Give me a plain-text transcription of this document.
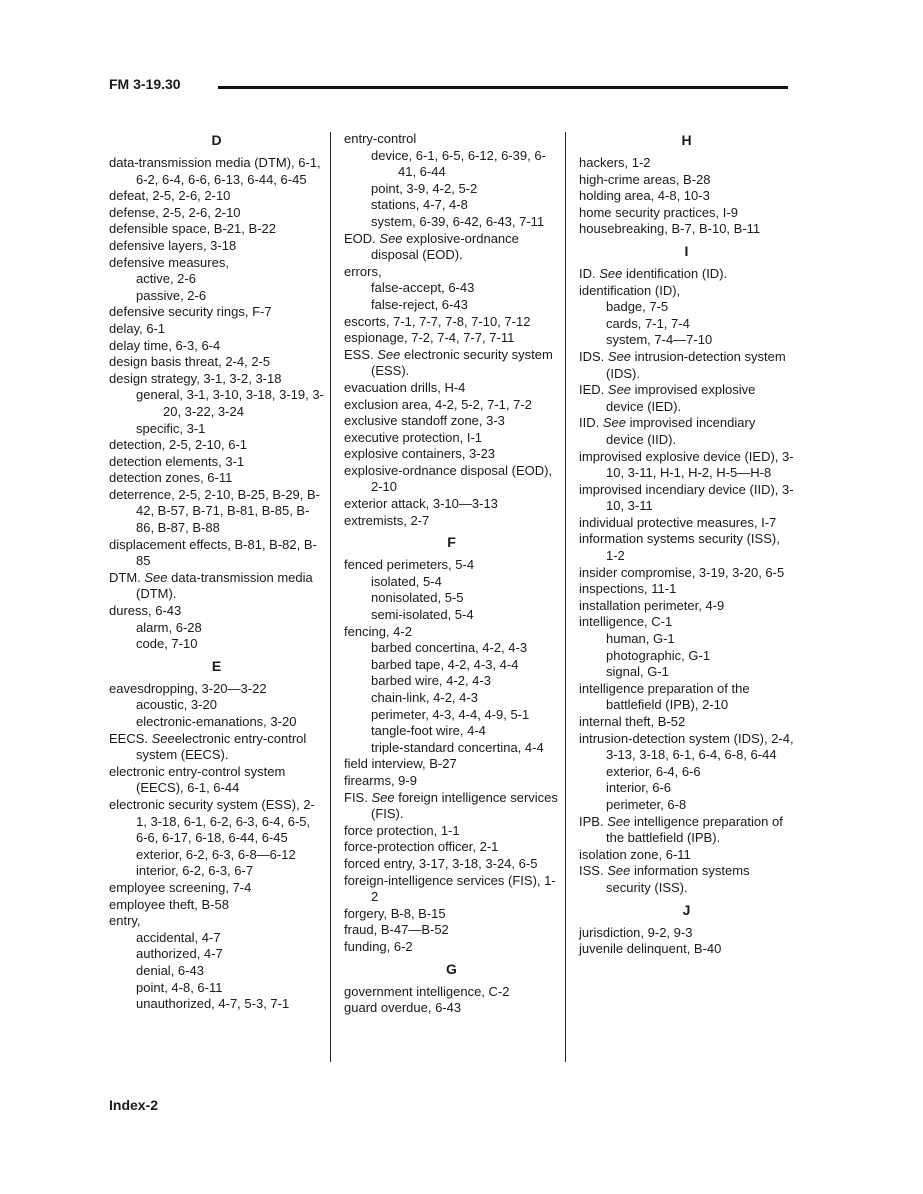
FM 3-19.30
D
data-transmission media (DTM), 6-1, 6-2, 6-4, 6-6, 6-13, 6-44, 6-45
defeat, 2-5, 2-6, 2-10
defense, 2-5, 2-6, 2-10
defensible space, B-21, B-22
defensive layers, 3-18
defensive measures,
active, 2-6
passive, 2-6
defensive security rings, F-7
delay, 6-1
delay time, 6-3, 6-4
design basis threat, 2-4, 2-5
design strategy, 3-1, 3-2, 3-18
general, 3-1, 3-10, 3-18, 3-19, 3-20, 3-22, 3-24
specific, 3-1
detection, 2-5, 2-10, 6-1
detection elements, 3-1
detection zones, 6-11
deterrence, 2-5, 2-10, B-25, B-29, B-42, B-57, B-71, B-81, B-85, B-86, B-87, B-88
displacement effects, B-81, B-82, B-85
DTM. See data-transmission media (DTM).
duress, 6-43
alarm, 6-28
code, 7-10
E
eavesdropping, 3-20—3-22
acoustic, 3-20
electronic-emanations, 3-20
EECS. Seeelectronic entry-control system (EECS).
electronic entry-control system (EECS), 6-1, 6-44
electronic security system (ESS), 2-1, 3-18, 6-1, 6-2, 6-3, 6-4, 6-5, 6-6, 6-17, 6-18, 6-44, 6-45
exterior, 6-2, 6-3, 6-8—6-12
interior, 6-2, 6-3, 6-7
employee screening, 7-4
employee theft, B-58
entry,
accidental, 4-7
authorized, 4-7
denial, 6-43
point, 4-8, 6-11
unauthorized, 4-7, 5-3, 7-1
entry-control
device, 6-1, 6-5, 6-12, 6-39, 6-41, 6-44
point, 3-9, 4-2, 5-2
stations, 4-7, 4-8
system, 6-39, 6-42, 6-43, 7-11
EOD. See explosive-ordnance disposal (EOD).
errors,
false-accept, 6-43
false-reject, 6-43
escorts, 7-1, 7-7, 7-8, 7-10, 7-12
espionage, 7-2, 7-4, 7-7, 7-11
ESS. See electronic security system (ESS).
evacuation drills, H-4
exclusion area, 4-2, 5-2, 7-1, 7-2
exclusive standoff zone, 3-3
executive protection, I-1
explosive containers, 3-23
explosive-ordnance disposal (EOD), 2-10
exterior attack, 3-10—3-13
extremists, 2-7
F
fenced perimeters, 5-4
isolated, 5-4
nonisolated, 5-5
semi-isolated, 5-4
fencing, 4-2
barbed concertina, 4-2, 4-3
barbed tape, 4-2, 4-3, 4-4
barbed wire, 4-2, 4-3
chain-link, 4-2, 4-3
perimeter, 4-3, 4-4, 4-9, 5-1
tangle-foot wire, 4-4
triple-standard concertina, 4-4
field interview, B-27
firearms, 9-9
FIS. See foreign intelligence services (FIS).
force protection, 1-1
force-protection officer, 2-1
forced entry, 3-17, 3-18, 3-24, 6-5
foreign-intelligence services (FIS), 1-2
forgery, B-8, B-15
fraud, B-47—B-52
funding, 6-2
G
government intelligence, C-2
guard overdue, 6-43
H
hackers, 1-2
high-crime areas, B-28
holding area, 4-8, 10-3
home security practices, I-9
housebreaking, B-7, B-10, B-11
I
ID. See identification (ID).
identification (ID),
badge, 7-5
cards, 7-1, 7-4
system, 7-4—7-10
IDS. See intrusion-detection system (IDS).
IED. See improvised explosive device (IED).
IID. See improvised incendiary device (IID).
improvised explosive device (IED), 3-10, 3-11, H-1, H-2, H-5—H-8
improvised incendiary device (IID), 3-10, 3-11
individual protective measures, I-7
information systems security (ISS), 1-2
insider compromise, 3-19, 3-20, 6-5
inspections, 11-1
installation perimeter, 4-9
intelligence, C-1
human, G-1
photographic, G-1
signal, G-1
intelligence preparation of the battlefield (IPB), 2-10
internal theft, B-52
intrusion-detection system (IDS), 2-4, 3-13, 3-18, 6-1, 6-4, 6-8, 6-44
exterior, 6-4, 6-6
interior, 6-6
perimeter, 6-8
IPB. See intelligence preparation of the battlefield (IPB).
isolation zone, 6-11
ISS. See information systems security (ISS).
J
jurisdiction, 9-2, 9-3
juvenile delinquent, B-40
Index-2
